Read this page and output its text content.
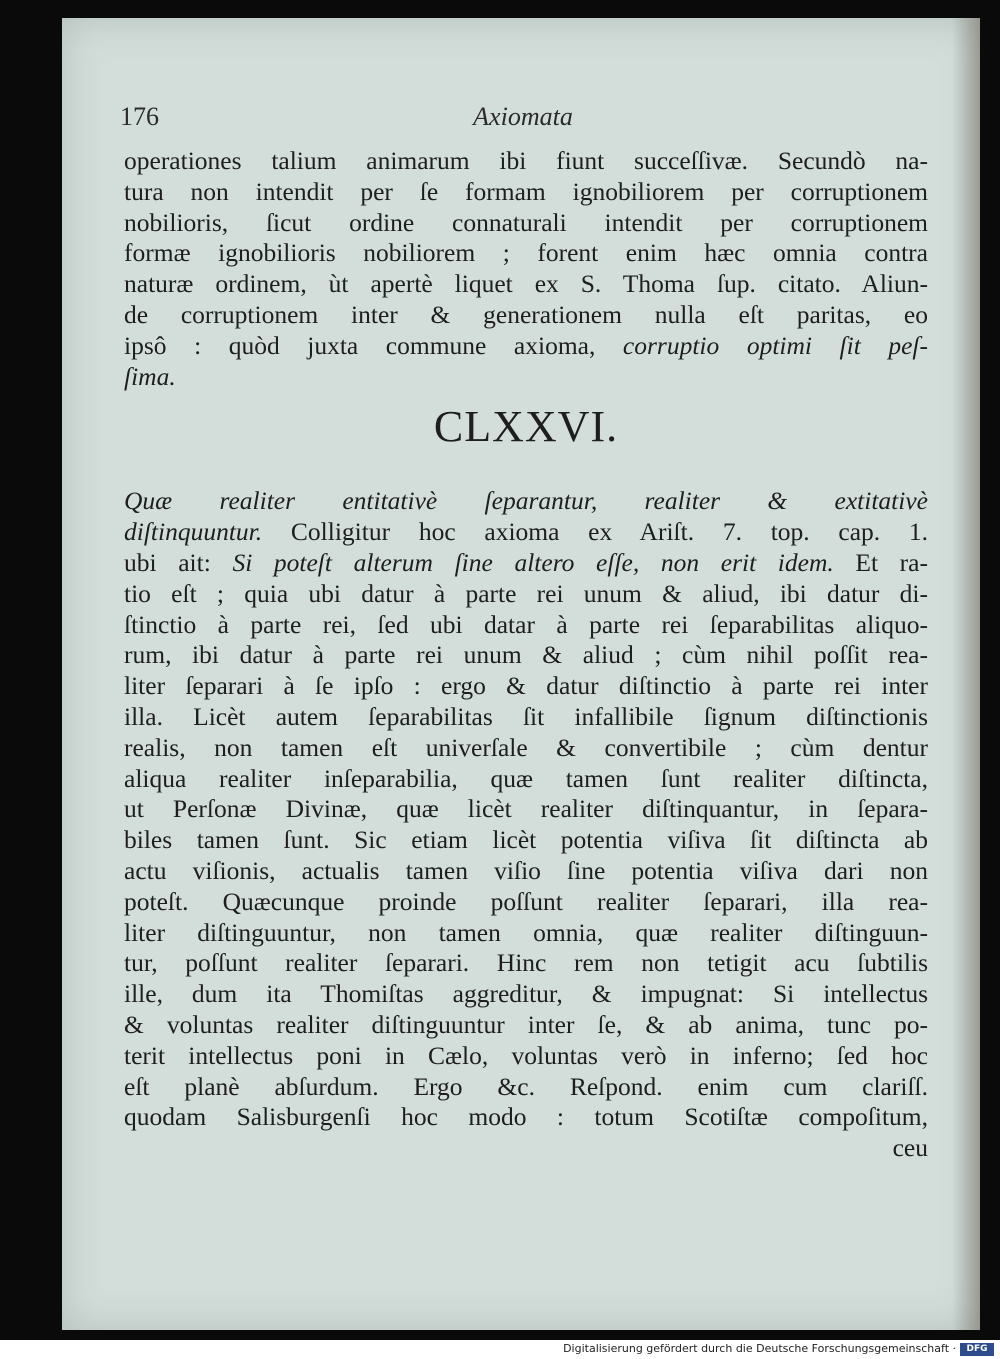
176	Axiomata
operationes talium animarum ibi fiunt succeſſivæ. Secundò na-
tura non intendit per ſe formam ignobiliorem per corruptionem
nobilioris, ſicut ordine connaturali intendit per corruptionem
formæ ignobilioris nobiliorem ; forent enim hæc omnia contra
naturæ ordinem, ùt apertè liquet ex S. Thoma ſup. citato. Aliun-
de corruptionem inter & generationem nulla eſt paritas, eo
ipsô : quòd juxta commune axioma, corruptio optimi ſit peſ-
ſima.
CLXXVI.
Quæ realiter entitativè ſeparantur, realiter & extitativè
diſtinquuntur. Colligitur hoc axioma ex Ariſt. 7. top. cap. 1.
ubi ait: Si poteſt alterum ſine altero eſſe, non erit idem. Et ra-
tio eſt ; quia ubi datur à parte rei unum & aliud, ibi datur di-
ſtinctio à parte rei, ſed ubi datar à parte rei ſeparabilitas aliquo-
rum, ibi datur à parte rei unum & aliud ; cùm nihil poſſit rea-
liter ſeparari à ſe ipſo : ergo & datur diſtinctio à parte rei inter
illa. Licèt autem ſeparabilitas ſit infallibile ſignum diſtinctionis
realis, non tamen eſt univerſale & convertibile ; cùm dentur
aliqua realiter inſeparabilia, quæ tamen ſunt realiter diſtincta,
ut Perſonæ Divinæ, quæ licèt realiter diſtinquantur, in ſepara-
biles tamen ſunt. Sic etiam licèt potentia viſiva ſit diſtincta ab
actu viſionis, actualis tamen viſio ſine potentia viſiva dari non
poteſt. Quæcunque proinde poſſunt realiter ſeparari, illa rea-
liter diſtinguuntur, non tamen omnia, quæ realiter diſtinguun-
tur, poſſunt realiter ſeparari. Hinc rem non tetigit acu ſubtilis
ille, dum ita Thomiſtas aggreditur, & impugnat: Si intellectus
& voluntas realiter diſtinguuntur inter ſe, & ab anima, tunc po-
terit intellectus poni in Cælo, voluntas verò in inferno; ſed hoc
eſt planè abſurdum. Ergo &c. Reſpond. enim cum clariſſ.
quodam Salisburgenſi hoc modo : totum Scotiſtæ compoſitum,
ceu
Digitalisierung gefördert durch die Deutsche Forschungsgemeinschaft ·	DFG
